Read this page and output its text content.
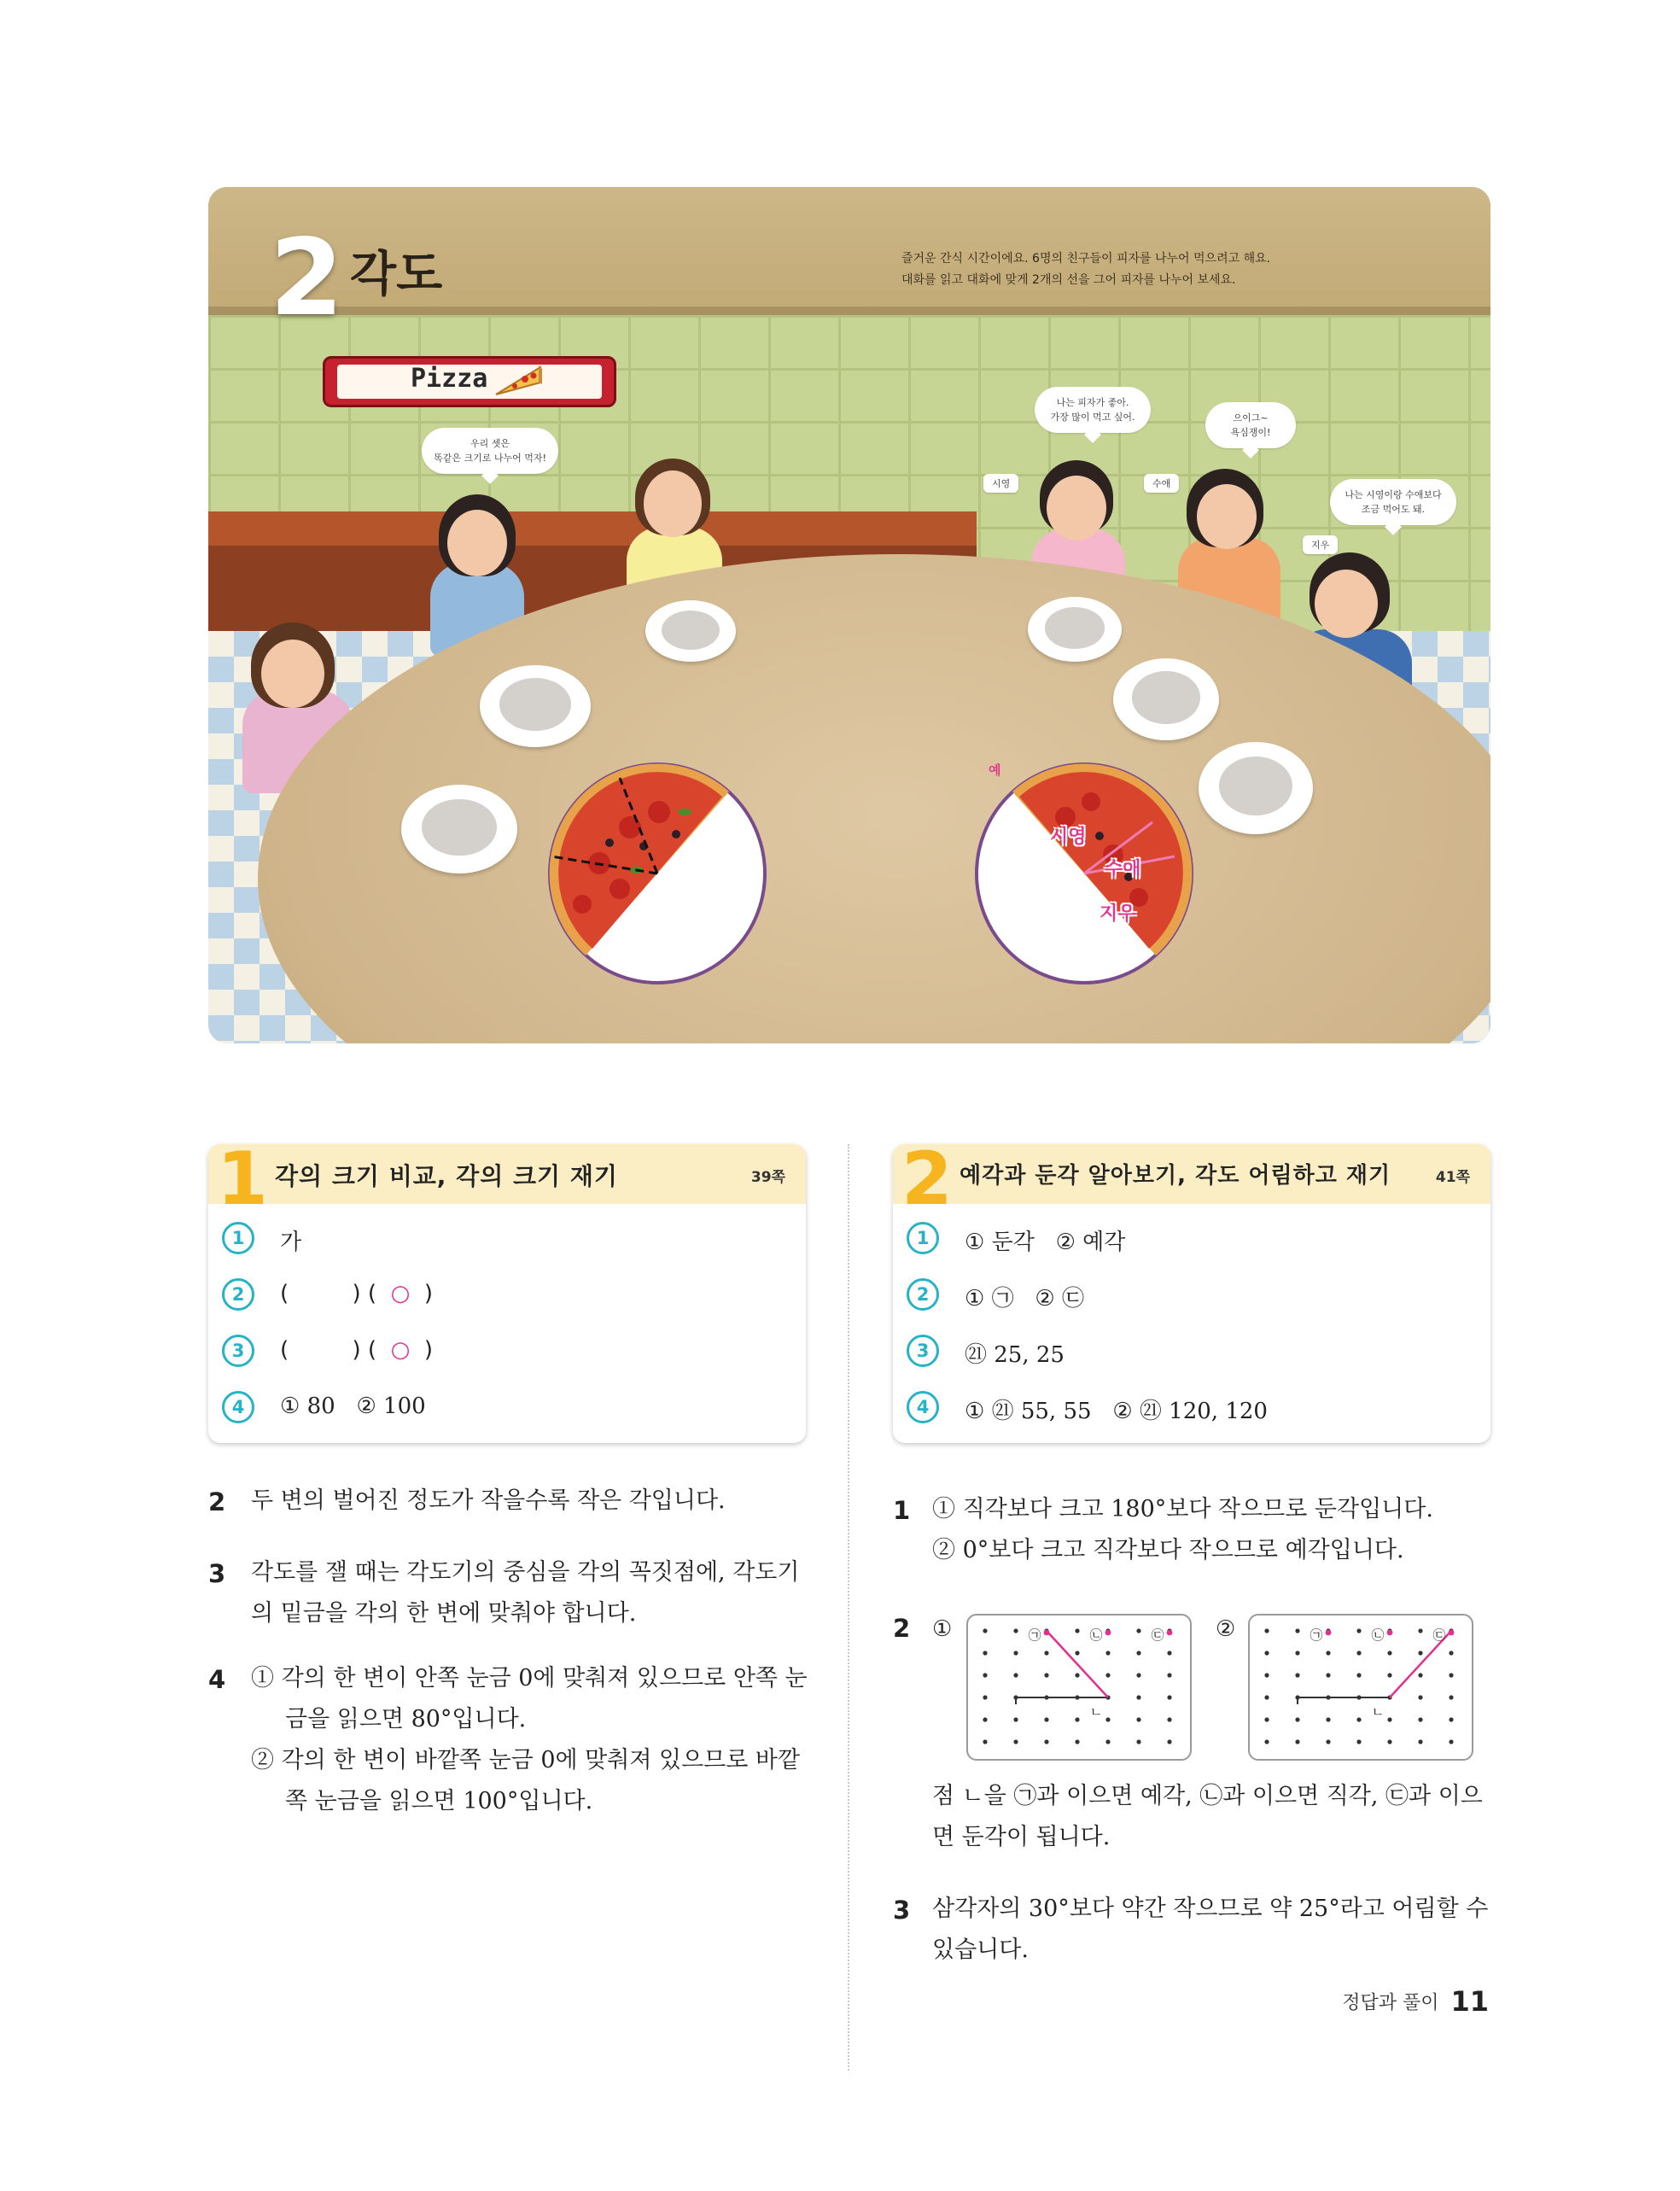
2 각도	즐거운 간식 시간이에요. 6명의 친구들이 피자를 나누어 먹으려고 해요.
대화를 읽고 대화에 맞게 2개의 선을 그어 피자를 나누어 보세요.
Pizza
우리 셋은
똑같은 크기로 나누어 먹자!
나는 피자가 좋아.
가장 많이 먹고 싶어.	으이그~
욕심쟁이!
나는 시영이랑 수애보다
조금 먹어도 돼.
시영	수애
지우
예
시영
수애
지우
1 각의 크기 비교, 각의 크기 재기	39쪽
1	가
2	(         ) (  ○  )
3	(         ) (  ○  )
4	① 80   ② 100
2 예각과 둔각 알아보기, 각도 어림하고 재기	41쪽
1	① 둔각   ② 예각
2	① ㉠   ② ㉢
3	㉑ 25, 25
4	① ㉑ 55, 55   ② ㉑ 120, 120
2 두 변의 벌어진 정도가 작을수록 작은 각입니다.
3 각도를 잴 때는 각도기의 중심을 각의 꼭짓점에, 각도기
의 밑금을 각의 한 변에 맞춰야 합니다.
4 ① 각의 한 변이 안쪽 눈금 0에 맞춰져 있으므로 안쪽 눈
금을 읽으면 80°입니다.
② 각의 한 변이 바깥쪽 눈금 0에 맞춰져 있으므로 바깥
쪽 눈금을 읽으면 100°입니다.
1 ① 직각보다 크고 180°보다 작으므로 둔각입니다.
② 0°보다 크고 직각보다 작으므로 예각입니다.
2 ①	②
㉠	㉡	㉢
ㄴ
㉠	㉡	㉢
ㄴ
점 ㄴ을 ㉠과 이으면 예각, ㉡과 이으면 직각, ㉢과 이으
면 둔각이 됩니다.
3 삼각자의 30°보다 약간 작으므로 약 25°라고 어림할 수
있습니다.
정답과 풀이 11
